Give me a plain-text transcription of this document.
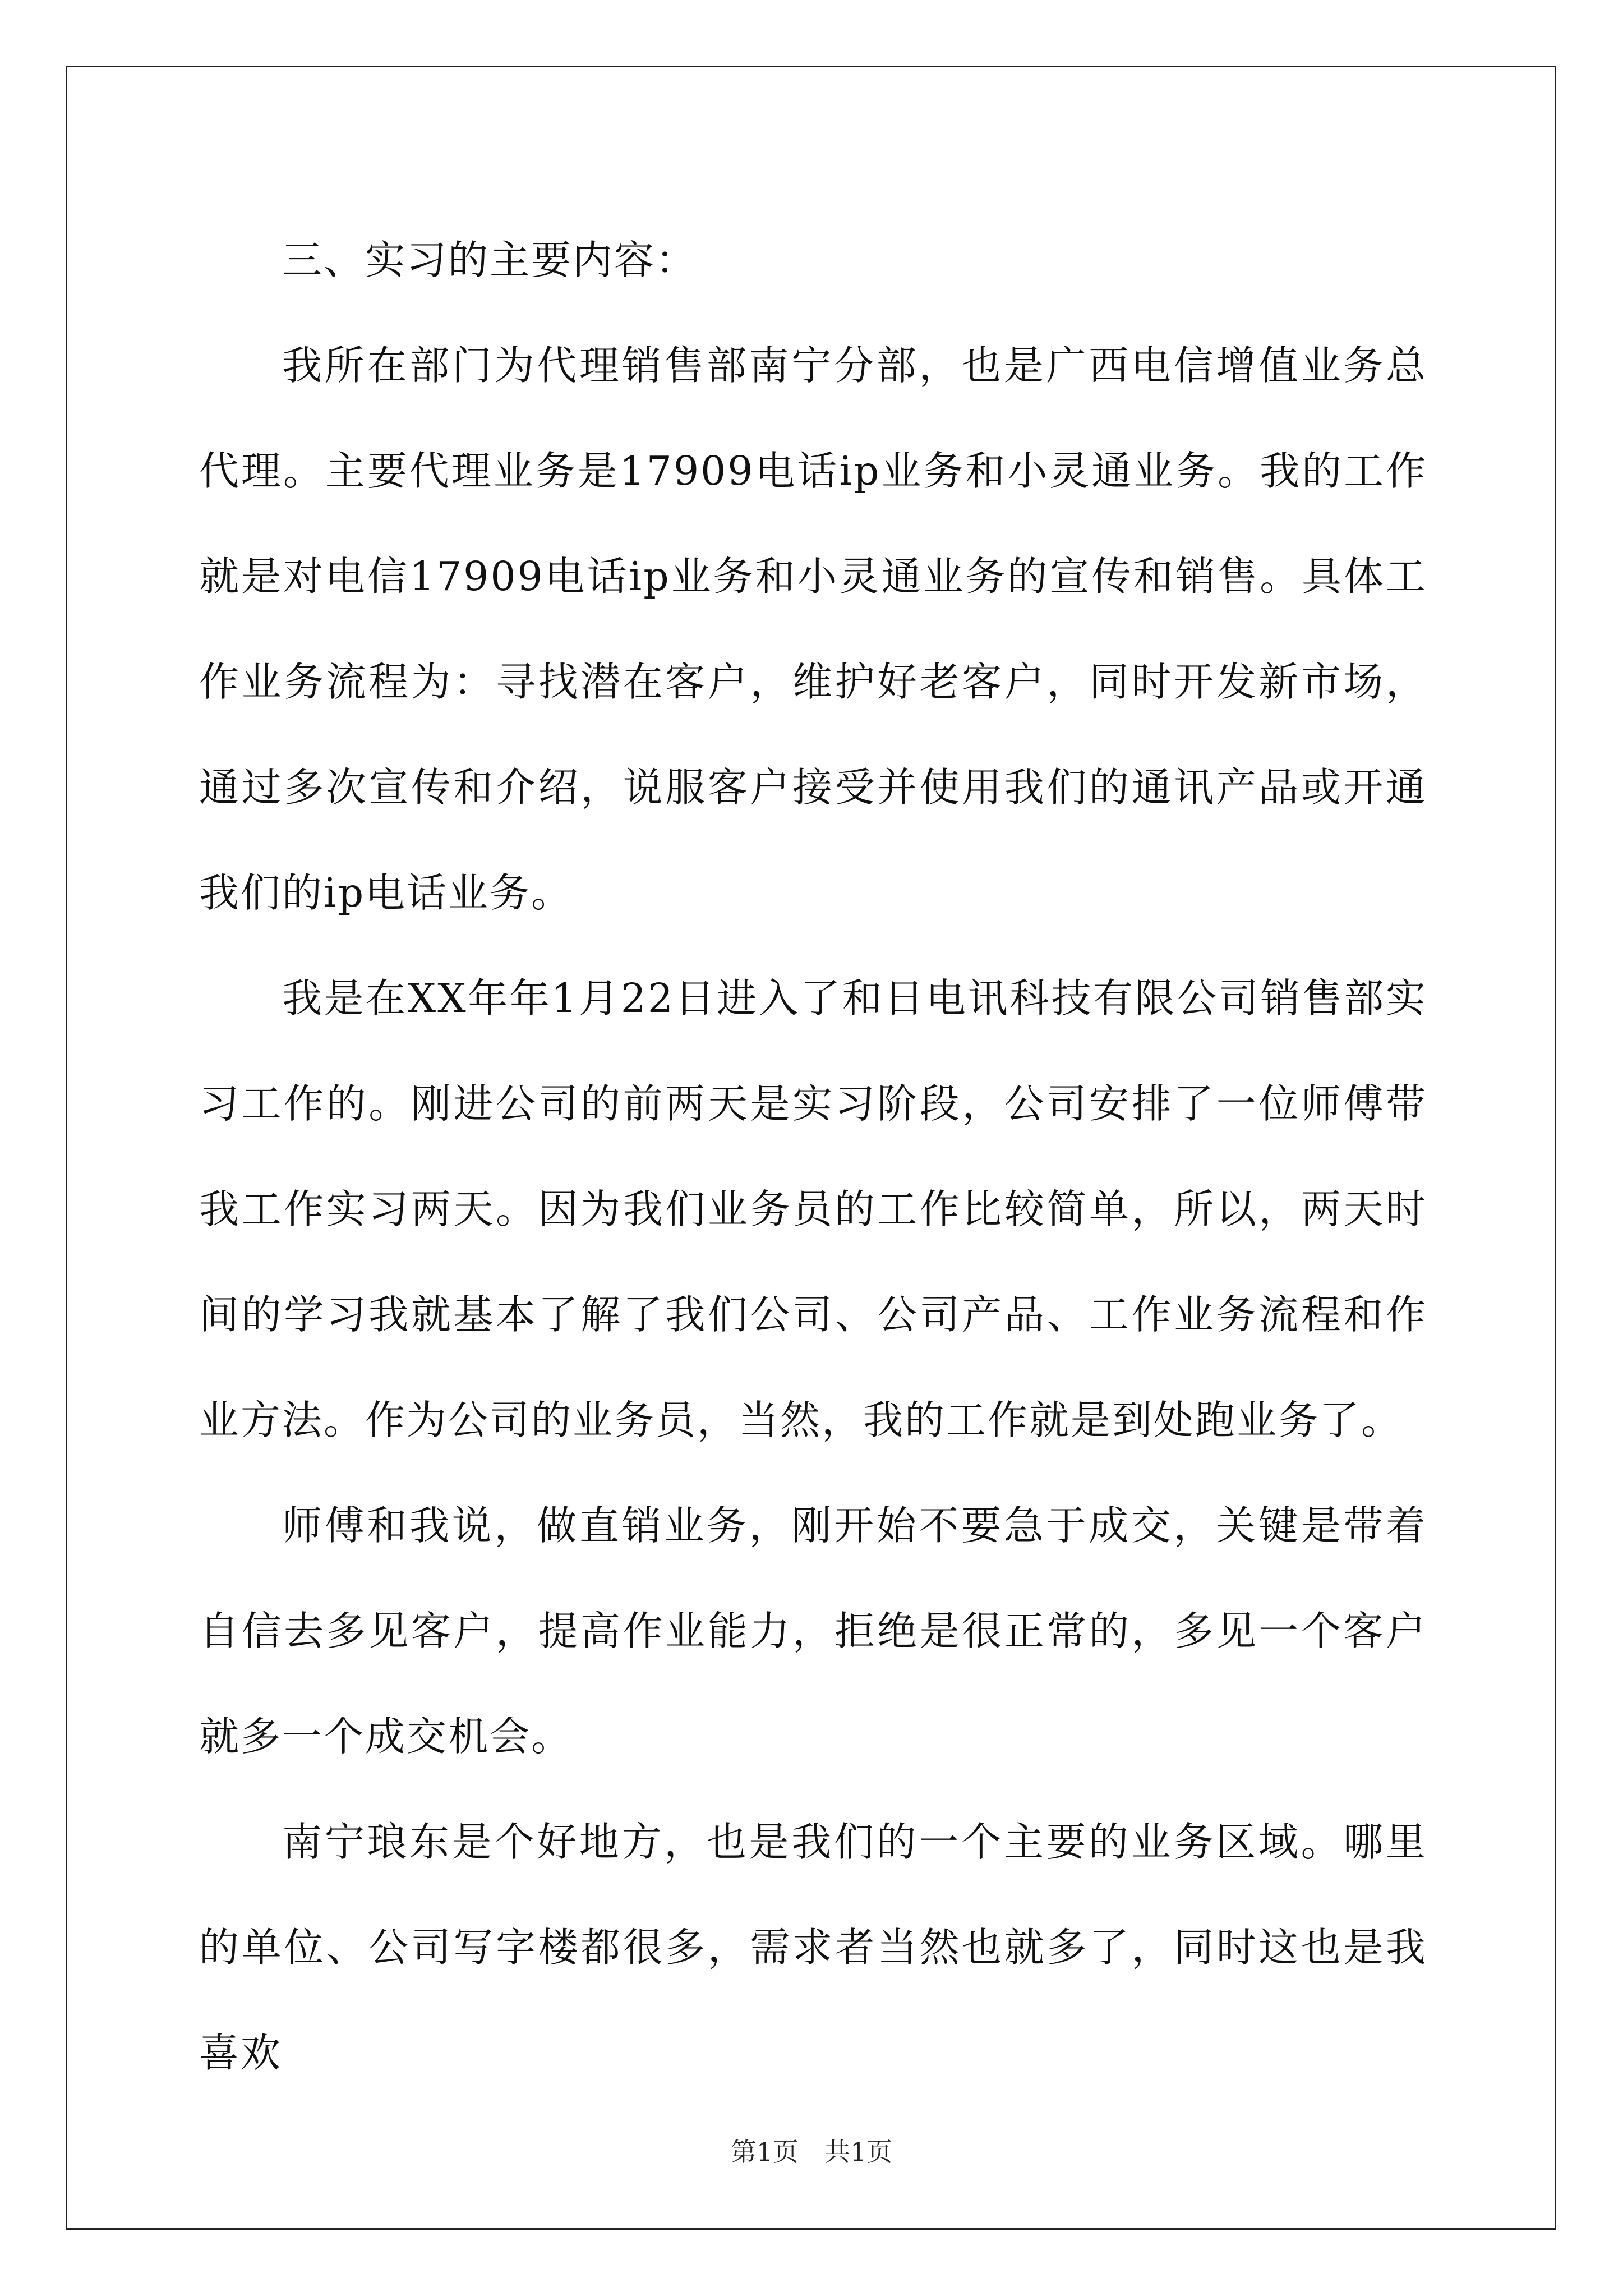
三、实习的主要内容：

我所在部门为代理销售部南宁分部，也是广西电信增值业务总代理。主要代理业务是17909电话ip业务和小灵通业务。我的工作就是对电信17909电话ip业务和小灵通业务的宣传和销售。具体工作业务流程为：寻找潜在客户，维护好老客户，同时开发新市场，通过多次宣传和介绍，说服客户接受并使用我们的通讯产品或开通我们的ip电话业务。

我是在XX年年1月22日进入了和日电讯科技有限公司销售部实习工作的。刚进公司的前两天是实习阶段，公司安排了一位师傅带我工作实习两天。因为我们业务员的工作比较简单，所以，两天时间的学习我就基本了解了我们公司、公司产品、工作业务流程和作业方法。作为公司的业务员，当然，我的工作就是到处跑业务了。

师傅和我说，做直销业务，刚开始不要急于成交，关键是带着自信去多见客户，提高作业能力，拒绝是很正常的，多见一个客户就多一个成交机会。

南宁琅东是个好地方，也是我们的一个主要的业务区域。哪里的单位、公司写字楼都很多，需求者当然也就多了，同时这也是我喜欢

第1页　共1页
